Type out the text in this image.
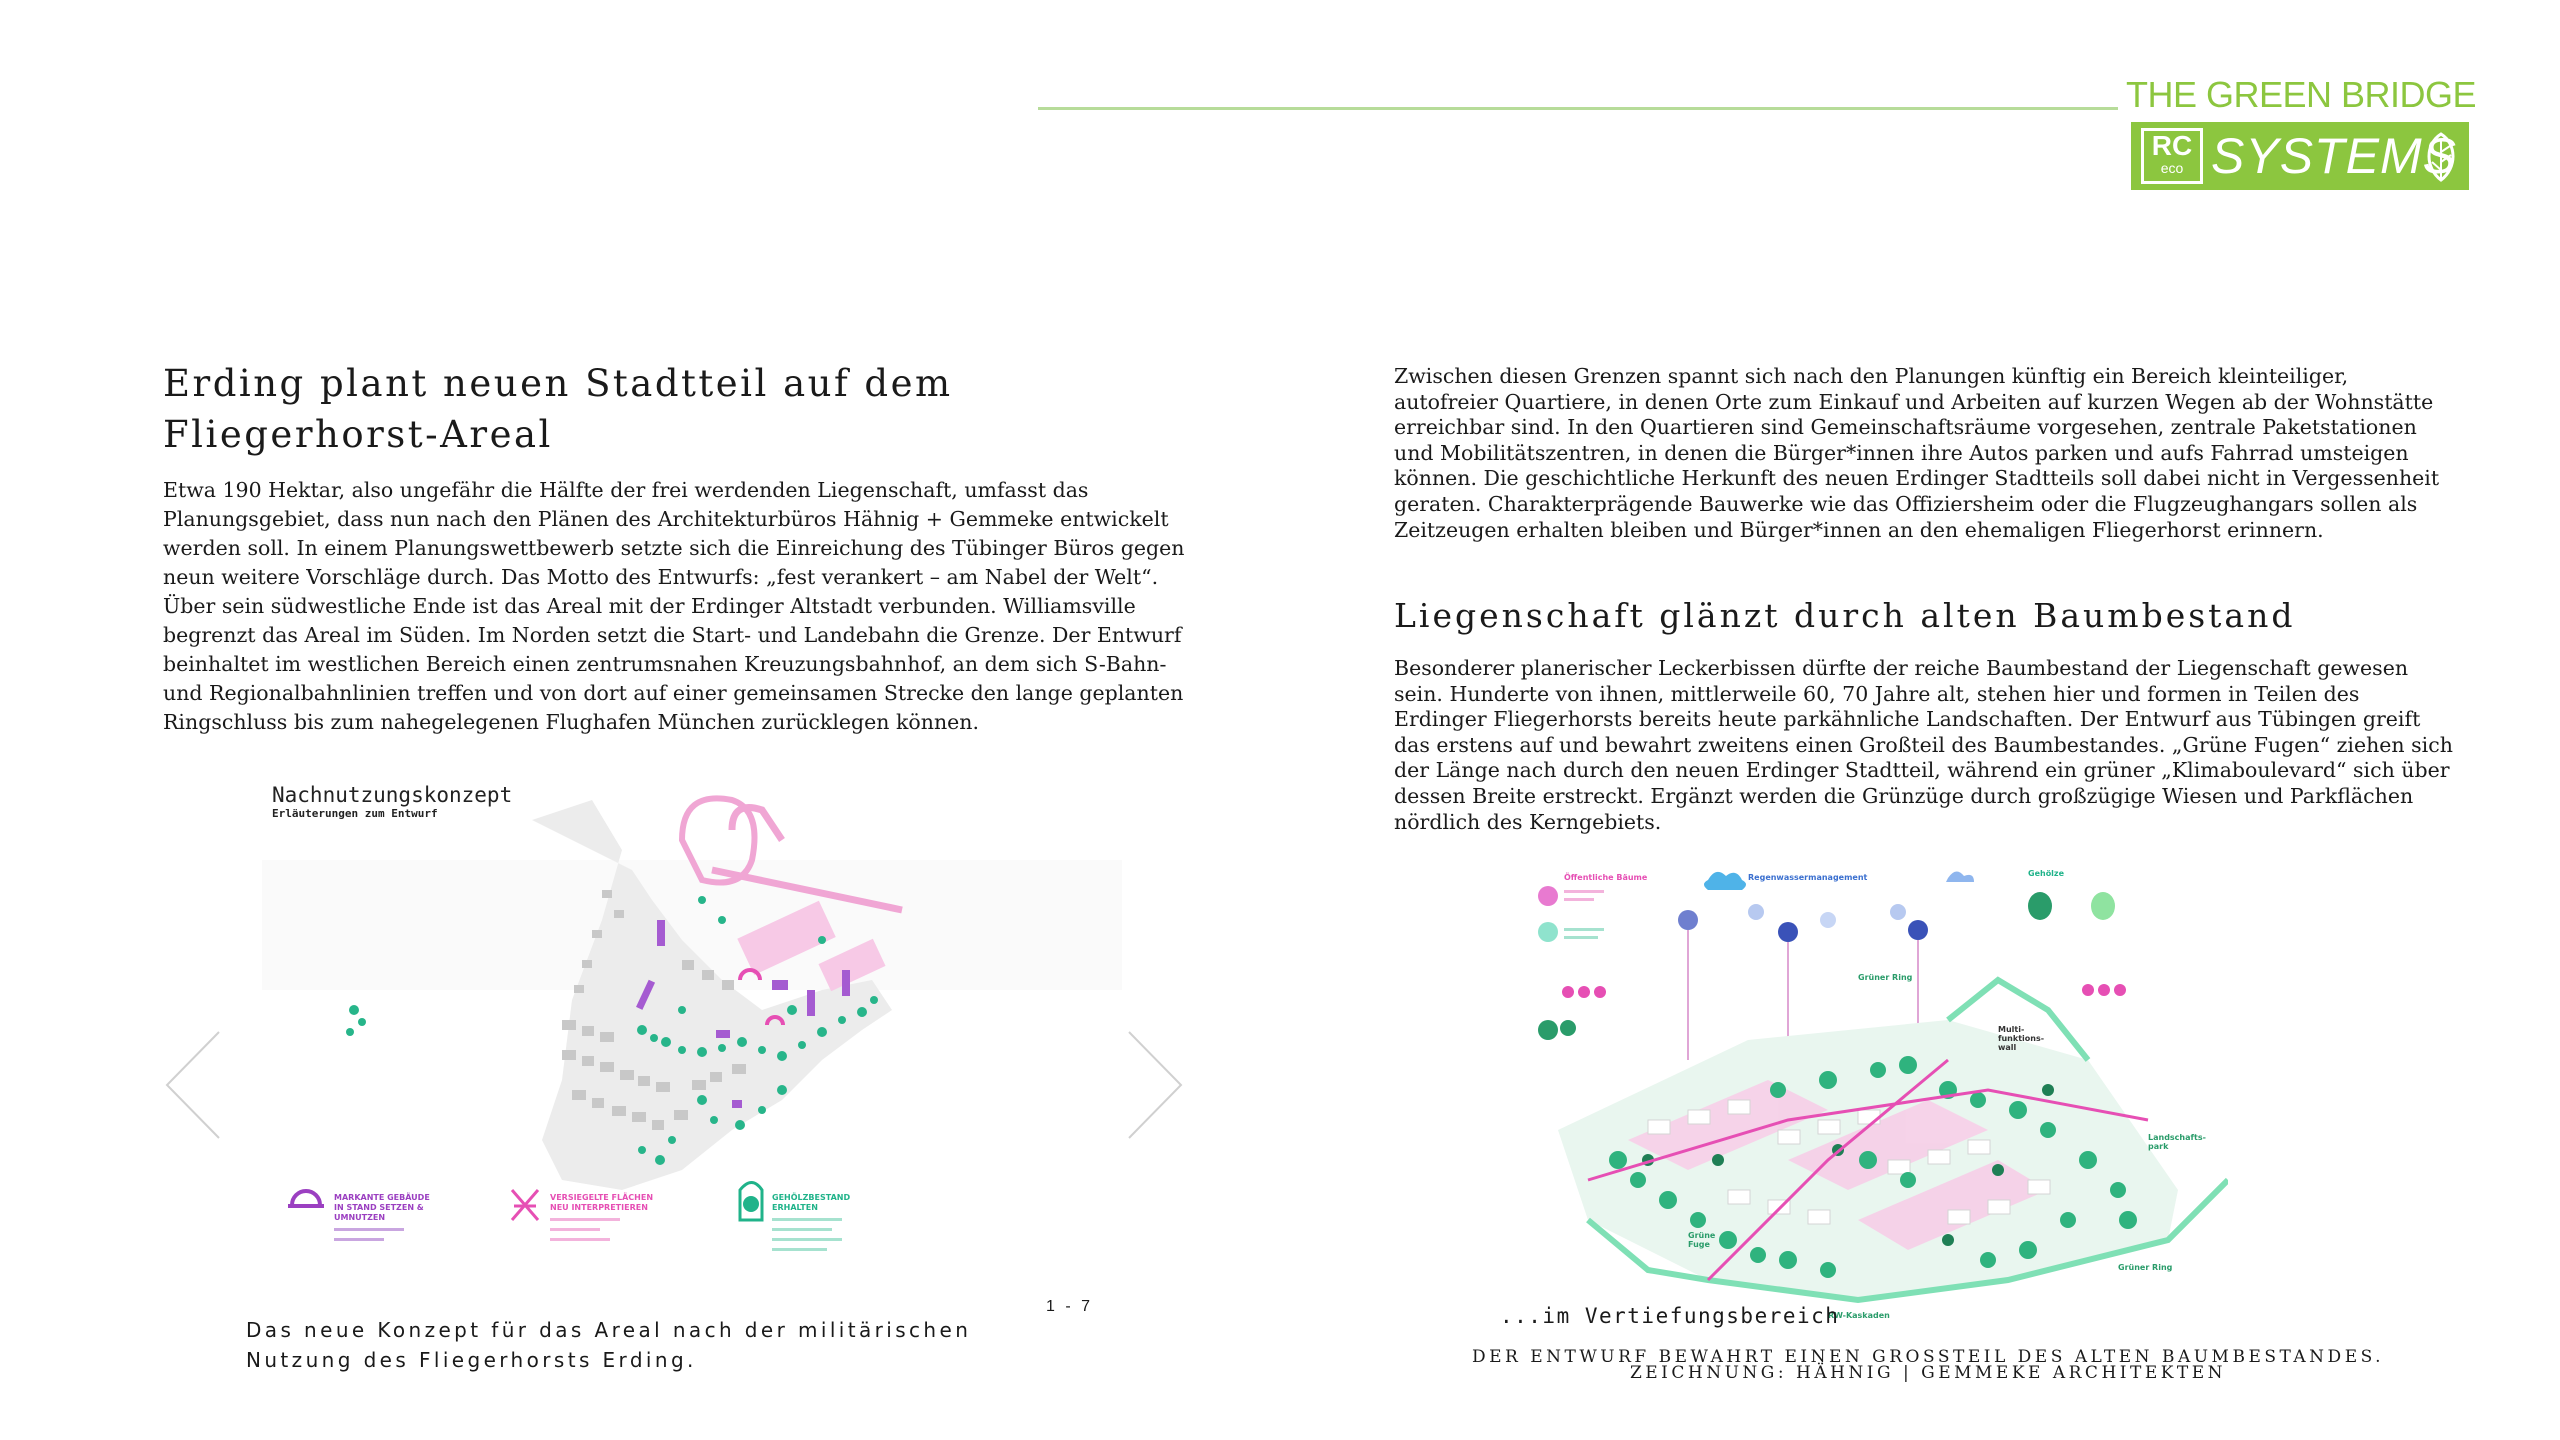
THE GREEN BRIDGE
RC
eco SYSTEMS
Erding plant neuen Stadtteil auf dem Fliegerhorst-Areal

Etwa 190 Hektar, also ungefähr die Hälfte der frei werdenden Liegenschaft, umfasst das Planungsgebiet, dass nun nach den Plänen des Architekturbüros Hähnig + Gemmeke entwickelt werden soll. In einem Planungswettbewerb setzte sich die Einreichung des Tübinger Büros gegen neun weitere Vorschläge durch. Das Motto des Entwurfs: „fest verankert – am Nabel der Welt“. Über sein südwestliche Ende ist das Areal mit der Erdinger Altstadt verbunden. Williamsville begrenzt das Areal im Süden. Im Norden setzt die Start- und Landebahn die Grenze. Der Entwurf beinhaltet im westlichen Bereich einen zentrumsnahen Kreuzungsbahnhof, an dem sich S-Bahn- und Regionalbahnlinien treffen und von dort auf einer gemeinsamen Strecke den lange geplanten Ringschluss bis zum nahegelegenen Flughafen München zurücklegen können.

Nachnutzungskonzept
Erläuterungen zum Entwurf
MARKANTE GEBÄUDE
IN STAND SETZEN &
UMNUTZEN
VERSIEGELTE FLÄCHEN
NEU INTERPRETIEREN
GEHÖLZBESTAND
ERHALTEN
1 - 7

Das neue Konzept für das Areal nach der militärischen Nutzung des Fliegerhorsts Erding.

Zwischen diesen Grenzen spannt sich nach den Planungen künftig ein Bereich kleinteiliger, autofreier Quartiere, in denen Orte zum Einkauf und Arbeiten auf kurzen Wegen ab der Wohnstätte erreichbar sind. In den Quartieren sind Gemeinschaftsräume vorgesehen, zentrale Paketstationen und Mobilitätszentren, in denen die Bürger*innen ihre Autos parken und aufs Fahrrad umsteigen können. Die geschichtliche Herkunft des neuen Erdinger Stadtteils soll dabei nicht in Vergessenheit geraten. Charakterprägende Bauwerke wie das Offiziersheim oder die Flugzeughangars sollen als Zeitzeugen erhalten bleiben und Bürger*innen an den ehemaligen Fliegerhorst erinnern.

Liegenschaft glänzt durch alten Baumbestand

Besonderer planerischer Leckerbissen dürfte der reiche Baumbestand der Liegenschaft gewesen sein. Hunderte von ihnen, mittlerweile 60, 70 Jahre alt, stehen hier und formen in Teilen des Erdinger Fliegerhorsts bereits heute parkähnliche Landschaften. Der Entwurf aus Tübingen greift das erstens auf und bewahrt zweitens einen Großteil des Baumbestandes. „Grüne Fugen“ ziehen sich der Länge nach durch den neuen Erdinger Stadtteil, während ein grüner „Klimaboulevard“ sich über dessen Breite erstreckt. Ergänzt werden die Grünzüge durch großzügige Wiesen und Parkflächen nördlich des Kerngebiets.

Öffentliche Bäume	Regenwassermanagement	Gehölze
Multi-
funktions-
wall
Grüne
Fuge
RW-Kaskaden
Landschafts-
park
Grüner Ring
Grüner Ring
...im Vertiefungsbereich

DER ENTWURF BEWAHRT EINEN GROSSTEIL DES ALTEN BAUMBESTANDES. ZEICHNUNG: HÄHNIG | GEMMEKE ARCHITEKTEN
